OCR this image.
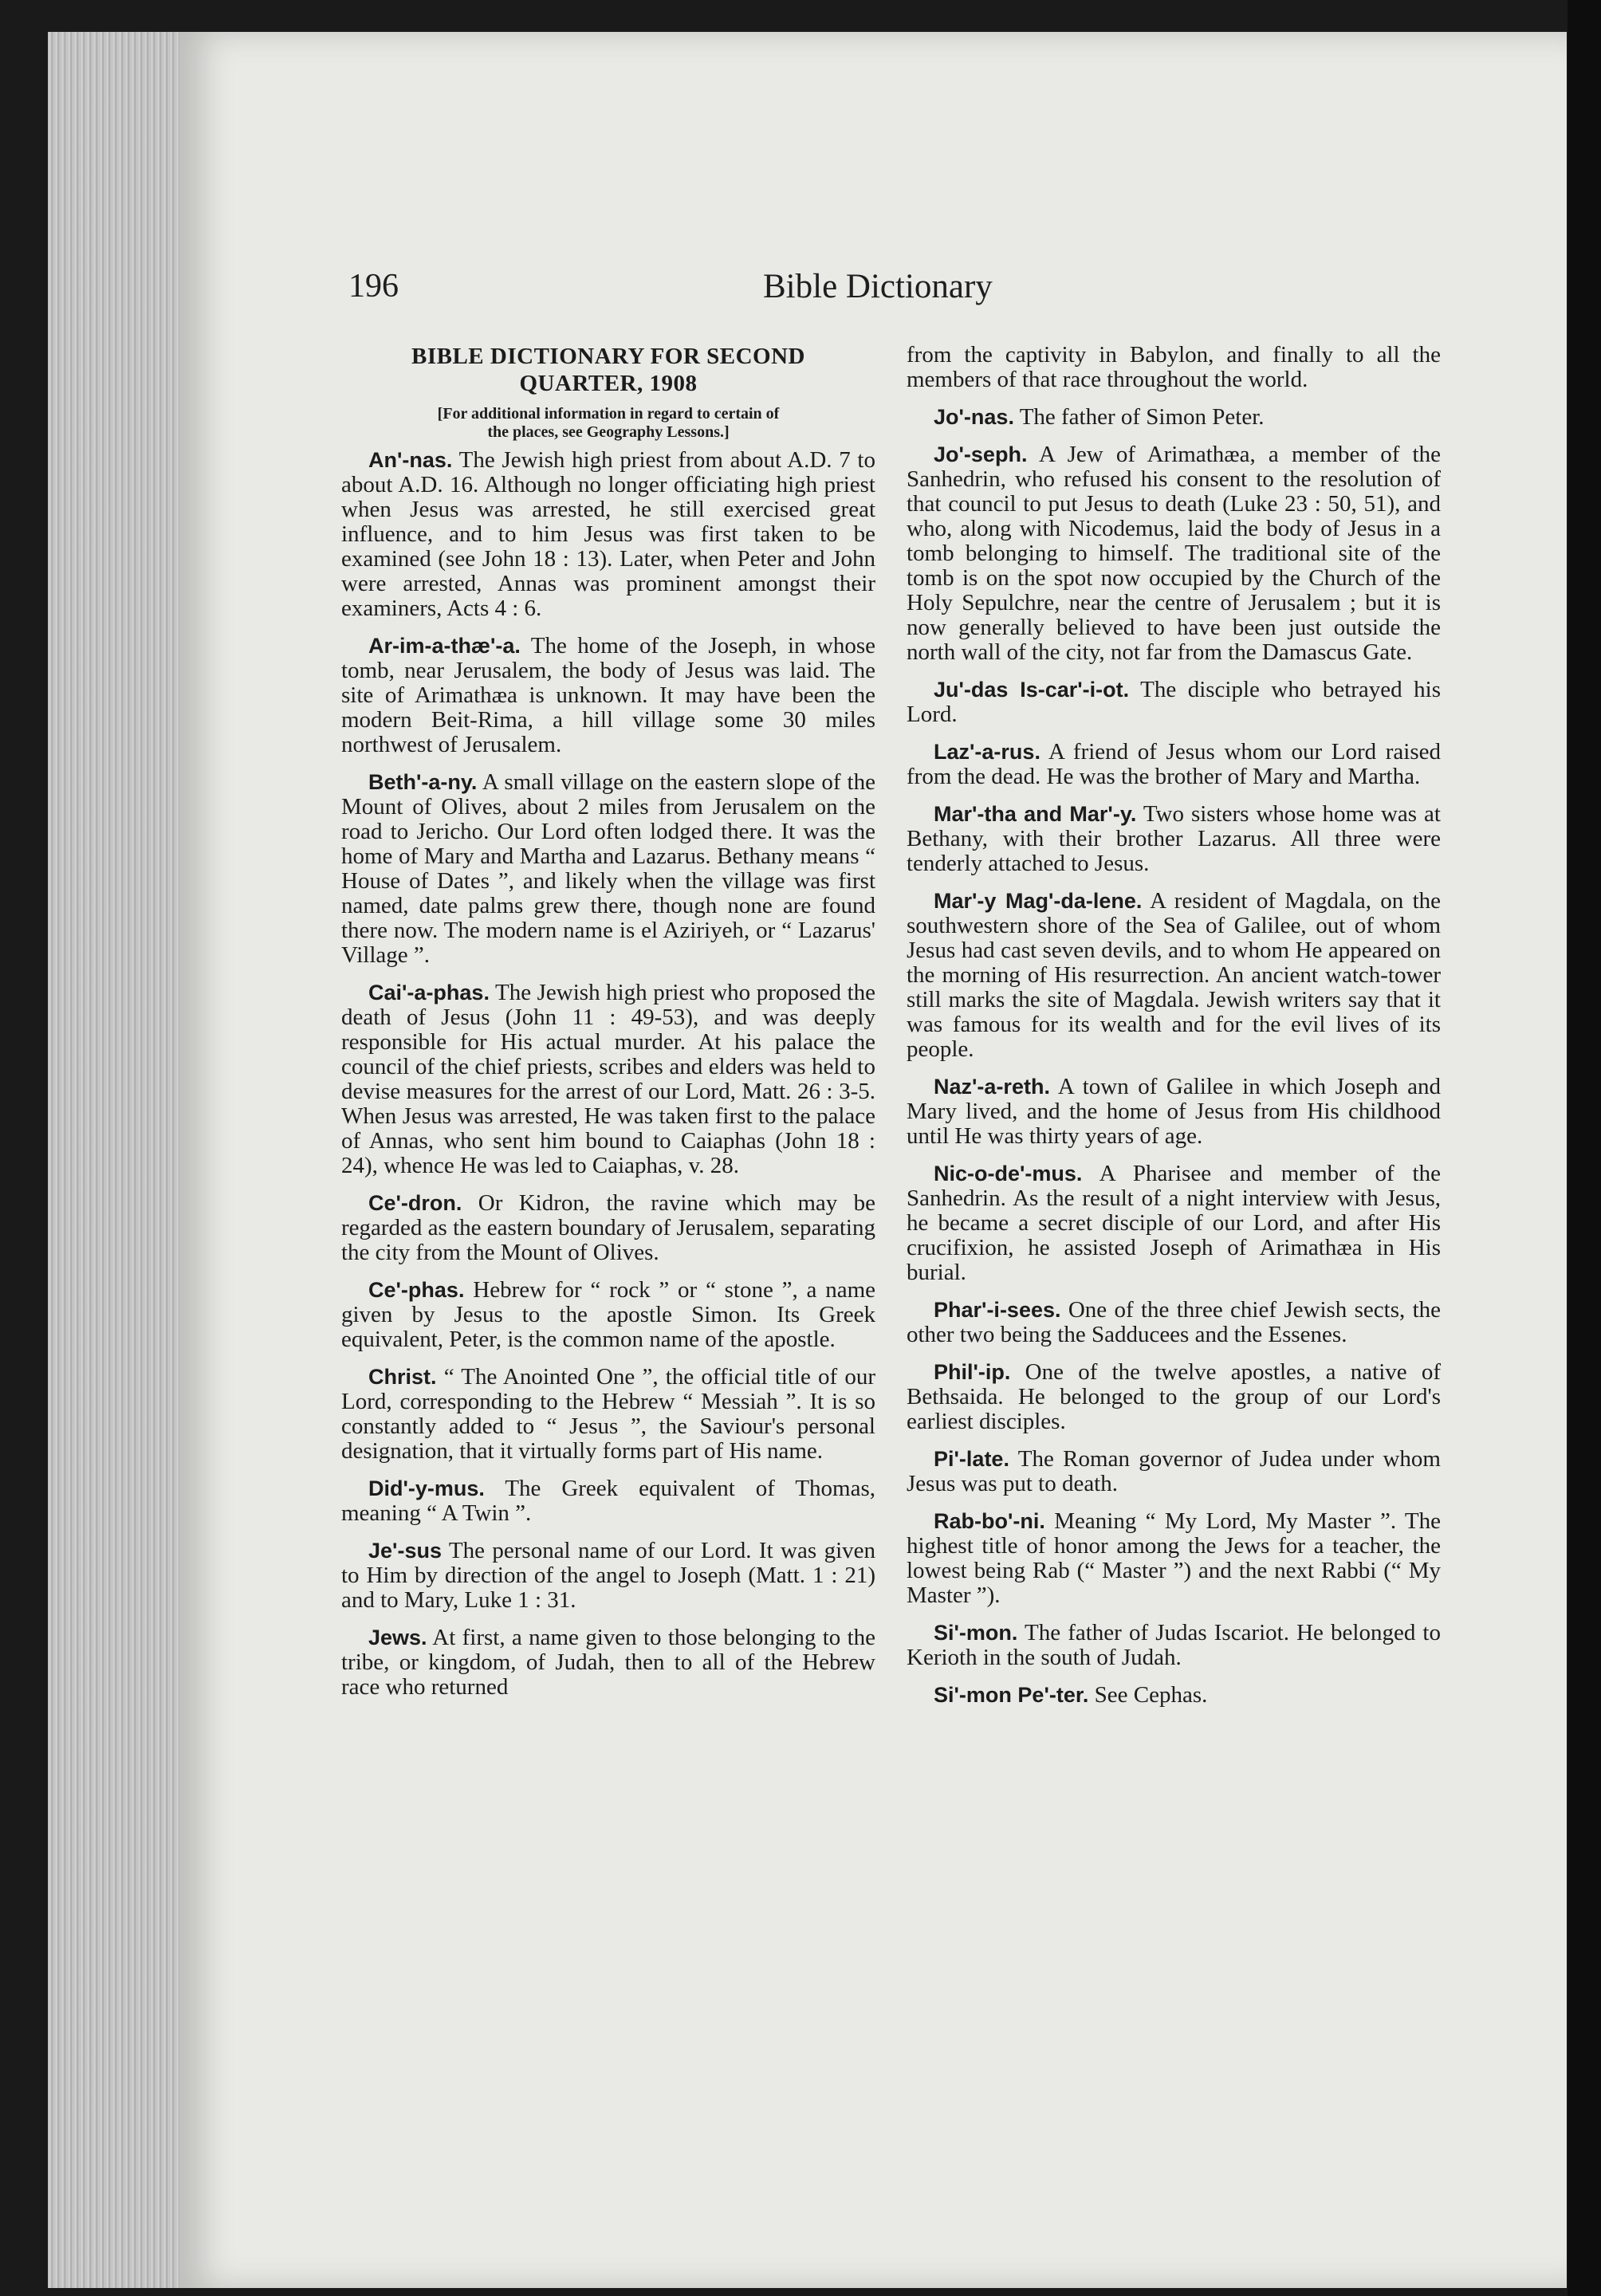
196	Bible Dictionary
BIBLE DICTIONARY FOR SECOND
QUARTER, 1908
[For additional information in regard to certain of
the places, see Geography Lessons.]

An'-nas. The Jewish high priest from about A.D. 7 to about A.D. 16. Although no longer officiating high priest when Jesus was arrested, he still exercised great influence, and to him Jesus was first taken to be examined (see John 18 : 13). Later, when Peter and John were arrested, Annas was prominent amongst their examiners, Acts 4 : 6.

Ar-im-a-thæ'-a. The home of the Joseph, in whose tomb, near Jerusalem, the body of Jesus was laid. The site of Arimathæa is unknown. It may have been the modern Beit-Rima, a hill village some 30 miles northwest of Jerusalem.

Beth'-a-ny. A small village on the eastern slope of the Mount of Olives, about 2 miles from Jerusalem on the road to Jericho. Our Lord often lodged there. It was the home of Mary and Martha and Lazarus. Bethany means “ House of Dates ”, and likely when the village was first named, date palms grew there, though none are found there now. The modern name is el Aziriyeh, or “ Lazarus' Village ”.

Cai'-a-phas. The Jewish high priest who proposed the death of Jesus (John 11 : 49-53), and was deeply responsible for His actual murder. At his palace the council of the chief priests, scribes and elders was held to devise measures for the arrest of our Lord, Matt. 26 : 3-5. When Jesus was arrested, He was taken first to the palace of Annas, who sent him bound to Caiaphas (John 18 : 24), whence He was led to Caiaphas, v. 28.

Ce'-dron. Or Kidron, the ravine which may be regarded as the eastern boundary of Jerusalem, separating the city from the Mount of Olives.

Ce'-phas. Hebrew for “ rock ” or “ stone ”, a name given by Jesus to the apostle Simon. Its Greek equivalent, Peter, is the common name of the apostle.

Christ. “ The Anointed One ”, the official title of our Lord, corresponding to the Hebrew “ Messiah ”. It is so constantly added to “ Jesus ”, the Saviour's personal designation, that it virtually forms part of His name.

Did'-y-mus. The Greek equivalent of Thomas, meaning “ A Twin ”.

Je'-sus The personal name of our Lord. It was given to Him by direction of the angel to Joseph (Matt. 1 : 21) and to Mary, Luke 1 : 31.

Jews. At first, a name given to those belonging to the tribe, or kingdom, of Judah, then to all of the Hebrew race who returned

from the captivity in Babylon, and finally to all the members of that race throughout the world.

Jo'-nas. The father of Simon Peter.

Jo'-seph. A Jew of Arimathæa, a member of the Sanhedrin, who refused his consent to the resolution of that council to put Jesus to death (Luke 23 : 50, 51), and who, along with Nicodemus, laid the body of Jesus in a tomb belonging to himself. The traditional site of the tomb is on the spot now occupied by the Church of the Holy Sepulchre, near the centre of Jerusalem ; but it is now generally believed to have been just outside the north wall of the city, not far from the Damascus Gate.

Ju'-das Is-car'-i-ot. The disciple who betrayed his Lord.

Laz'-a-rus. A friend of Jesus whom our Lord raised from the dead. He was the brother of Mary and Martha.

Mar'-tha and Mar'-y. Two sisters whose home was at Bethany, with their brother Lazarus. All three were tenderly attached to Jesus.

Mar'-y Mag'-da-lene. A resident of Magdala, on the southwestern shore of the Sea of Galilee, out of whom Jesus had cast seven devils, and to whom He appeared on the morning of His resurrection. An ancient watch-tower still marks the site of Magdala. Jewish writers say that it was famous for its wealth and for the evil lives of its people.

Naz'-a-reth. A town of Galilee in which Joseph and Mary lived, and the home of Jesus from His childhood until He was thirty years of age.

Nic-o-de'-mus. A Pharisee and member of the Sanhedrin. As the result of a night interview with Jesus, he became a secret disciple of our Lord, and after His crucifixion, he assisted Joseph of Arimathæa in His burial.

Phar'-i-sees. One of the three chief Jewish sects, the other two being the Sadducees and the Essenes.

Phil'-ip. One of the twelve apostles, a native of Bethsaida. He belonged to the group of our Lord's earliest disciples.

Pi'-late. The Roman governor of Judea under whom Jesus was put to death.

Rab-bo'-ni. Meaning “ My Lord, My Master ”. The highest title of honor among the Jews for a teacher, the lowest being Rab (“ Master ”) and the next Rabbi (“ My Master ”).

Si'-mon. The father of Judas Iscariot. He belonged to Kerioth in the south of Judah.

Si'-mon Pe'-ter. See Cephas.
